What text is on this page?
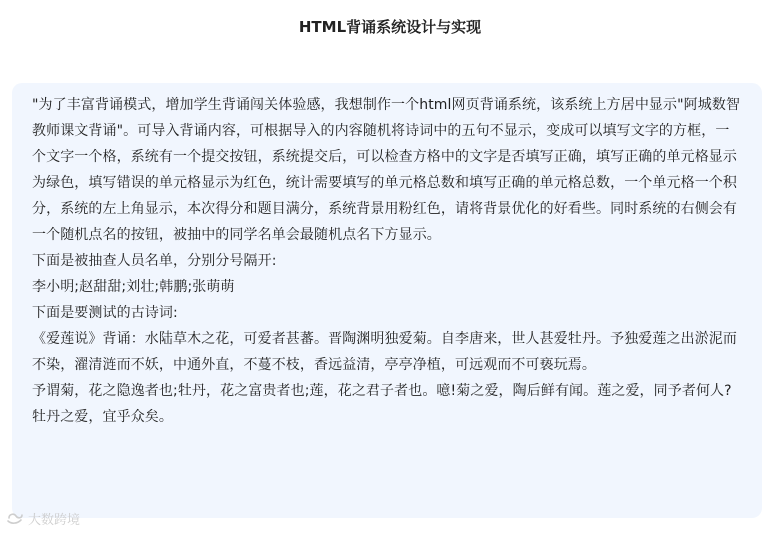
HTML背诵系统设计与实现

"为了丰富背诵模式，增加学生背诵闯关体验感，我想制作一个html网页背诵系统，该系统上方居中显示"阿城数智教师课文背诵"。可导入背诵内容，可根据导入的内容随机将诗词中的五句不显示，变成可以填写文字的方框，一个文字一个格，系统有一个提交按钮，系统提交后，可以检查方格中的文字是否填写正确，填写正确的单元格显示为绿色，填写错误的单元格显示为红色，统计需要填写的单元格总数和填写正确的单元格总数，一个单元格一个积分，系统的左上角显示，本次得分和题目满分，系统背景用粉红色，请将背景优化的好看些。同时系统的右侧会有一个随机点名的按钮，被抽中的同学名单会最随机点名下方显示。

下面是被抽查人员名单，分别分号隔开:

李小明;赵甜甜;刘壮;韩鹏;张萌萌

下面是要测试的古诗词:

《爱莲说》背诵：水陆草木之花，可爱者甚蕃。晋陶渊明独爱菊。自李唐来，世人甚爱牡丹。予独爱莲之出淤泥而不染，濯清涟而不妖，中通外直，不蔓不枝，香远益清，亭亭净植，可远观而不可亵玩焉。

予谓菊，花之隐逸者也;牡丹，花之富贵者也;莲，花之君子者也。噫!菊之爱，陶后鲜有闻。莲之爱，同予者何人?牡丹之爱，宜乎众矣。

大数跨境
